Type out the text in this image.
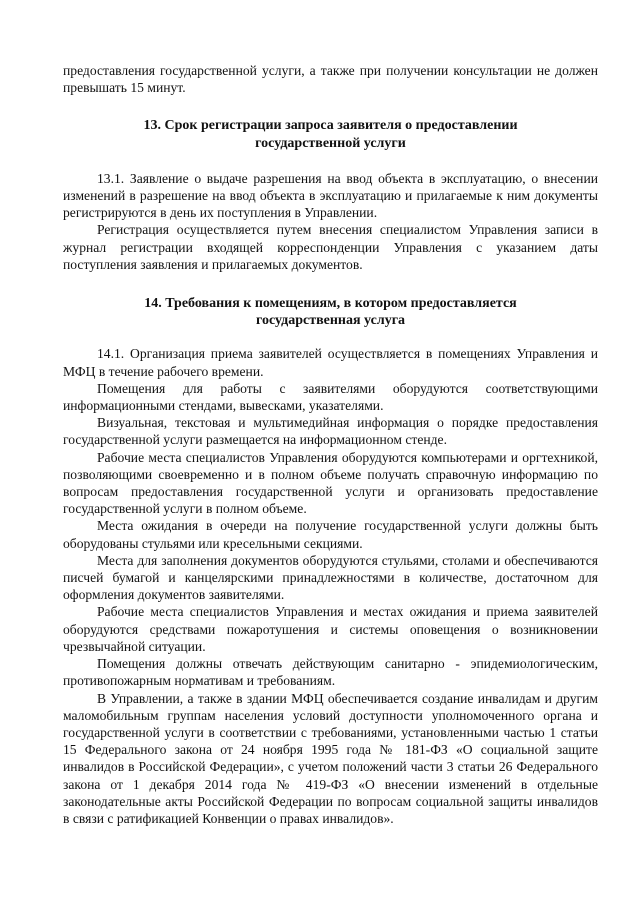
предоставления государственной услуги, а также при получении консультации не должен превышать 15 минут.

13. Срок регистрации запроса заявителя о предоставлении
государственной услуги

13.1. Заявление о выдаче разрешения на ввод объекта в эксплуатацию, о внесении изменений в разрешение на ввод объекта в эксплуатацию и прилагаемые к ним документы регистрируются в день их поступления в Управлении.

Регистрация осуществляется путем внесения специалистом Управления записи в журнал регистрации входящей корреспонденции Управления с указанием даты поступления заявления и прилагаемых документов.

14. Требования к помещениям, в котором предоставляется
государственная услуга

14.1. Организация приема заявителей осуществляется в помещениях Управления и МФЦ в течение рабочего времени.

Помещения для работы с заявителями оборудуются соответствующими информационными стендами, вывесками, указателями.

Визуальная, текстовая и мультимедийная информация о порядке предоставления государственной услуги размещается на информационном стенде.

Рабочие места специалистов Управления оборудуются компьютерами и оргтехникой, позволяющими своевременно и в полном объеме получать справочную информацию по вопросам предоставления государственной услуги и организовать предоставление государственной услуги в полном объеме.

Места ожидания в очереди на получение государственной услуги должны быть оборудованы стульями или кресельными секциями.

Места для заполнения документов оборудуются стульями, столами и обеспечиваются писчей бумагой и канцелярскими принадлежностями в количестве, достаточном для оформления документов заявителями.

Рабочие места специалистов Управления и местах ожидания и приема заявителей оборудуются средствами пожаротушения и системы оповещения о возникновении чрезвычайной ситуации.

Помещения должны отвечать действующим санитарно - эпидемиологическим, противопожарным нормативам и требованиям.

В Управлении, а также в здании МФЦ обеспечивается создание инвалидам и другим маломобильным группам населения условий доступности уполномоченного органа и государственной услуги в соответствии с требованиями, установленными частью 1 статьи 15 Федерального закона от 24 ноября 1995 года № 181-ФЗ «О социальной защите инвалидов в Российской Федерации», с учетом положений части 3 статьи 26 Федерального закона от 1 декабря 2014 года № 419-ФЗ «О внесении изменений в отдельные законодательные акты Российской Федерации по вопросам социальной защиты инвалидов в связи с ратификацией Конвенции о правах инвалидов».
